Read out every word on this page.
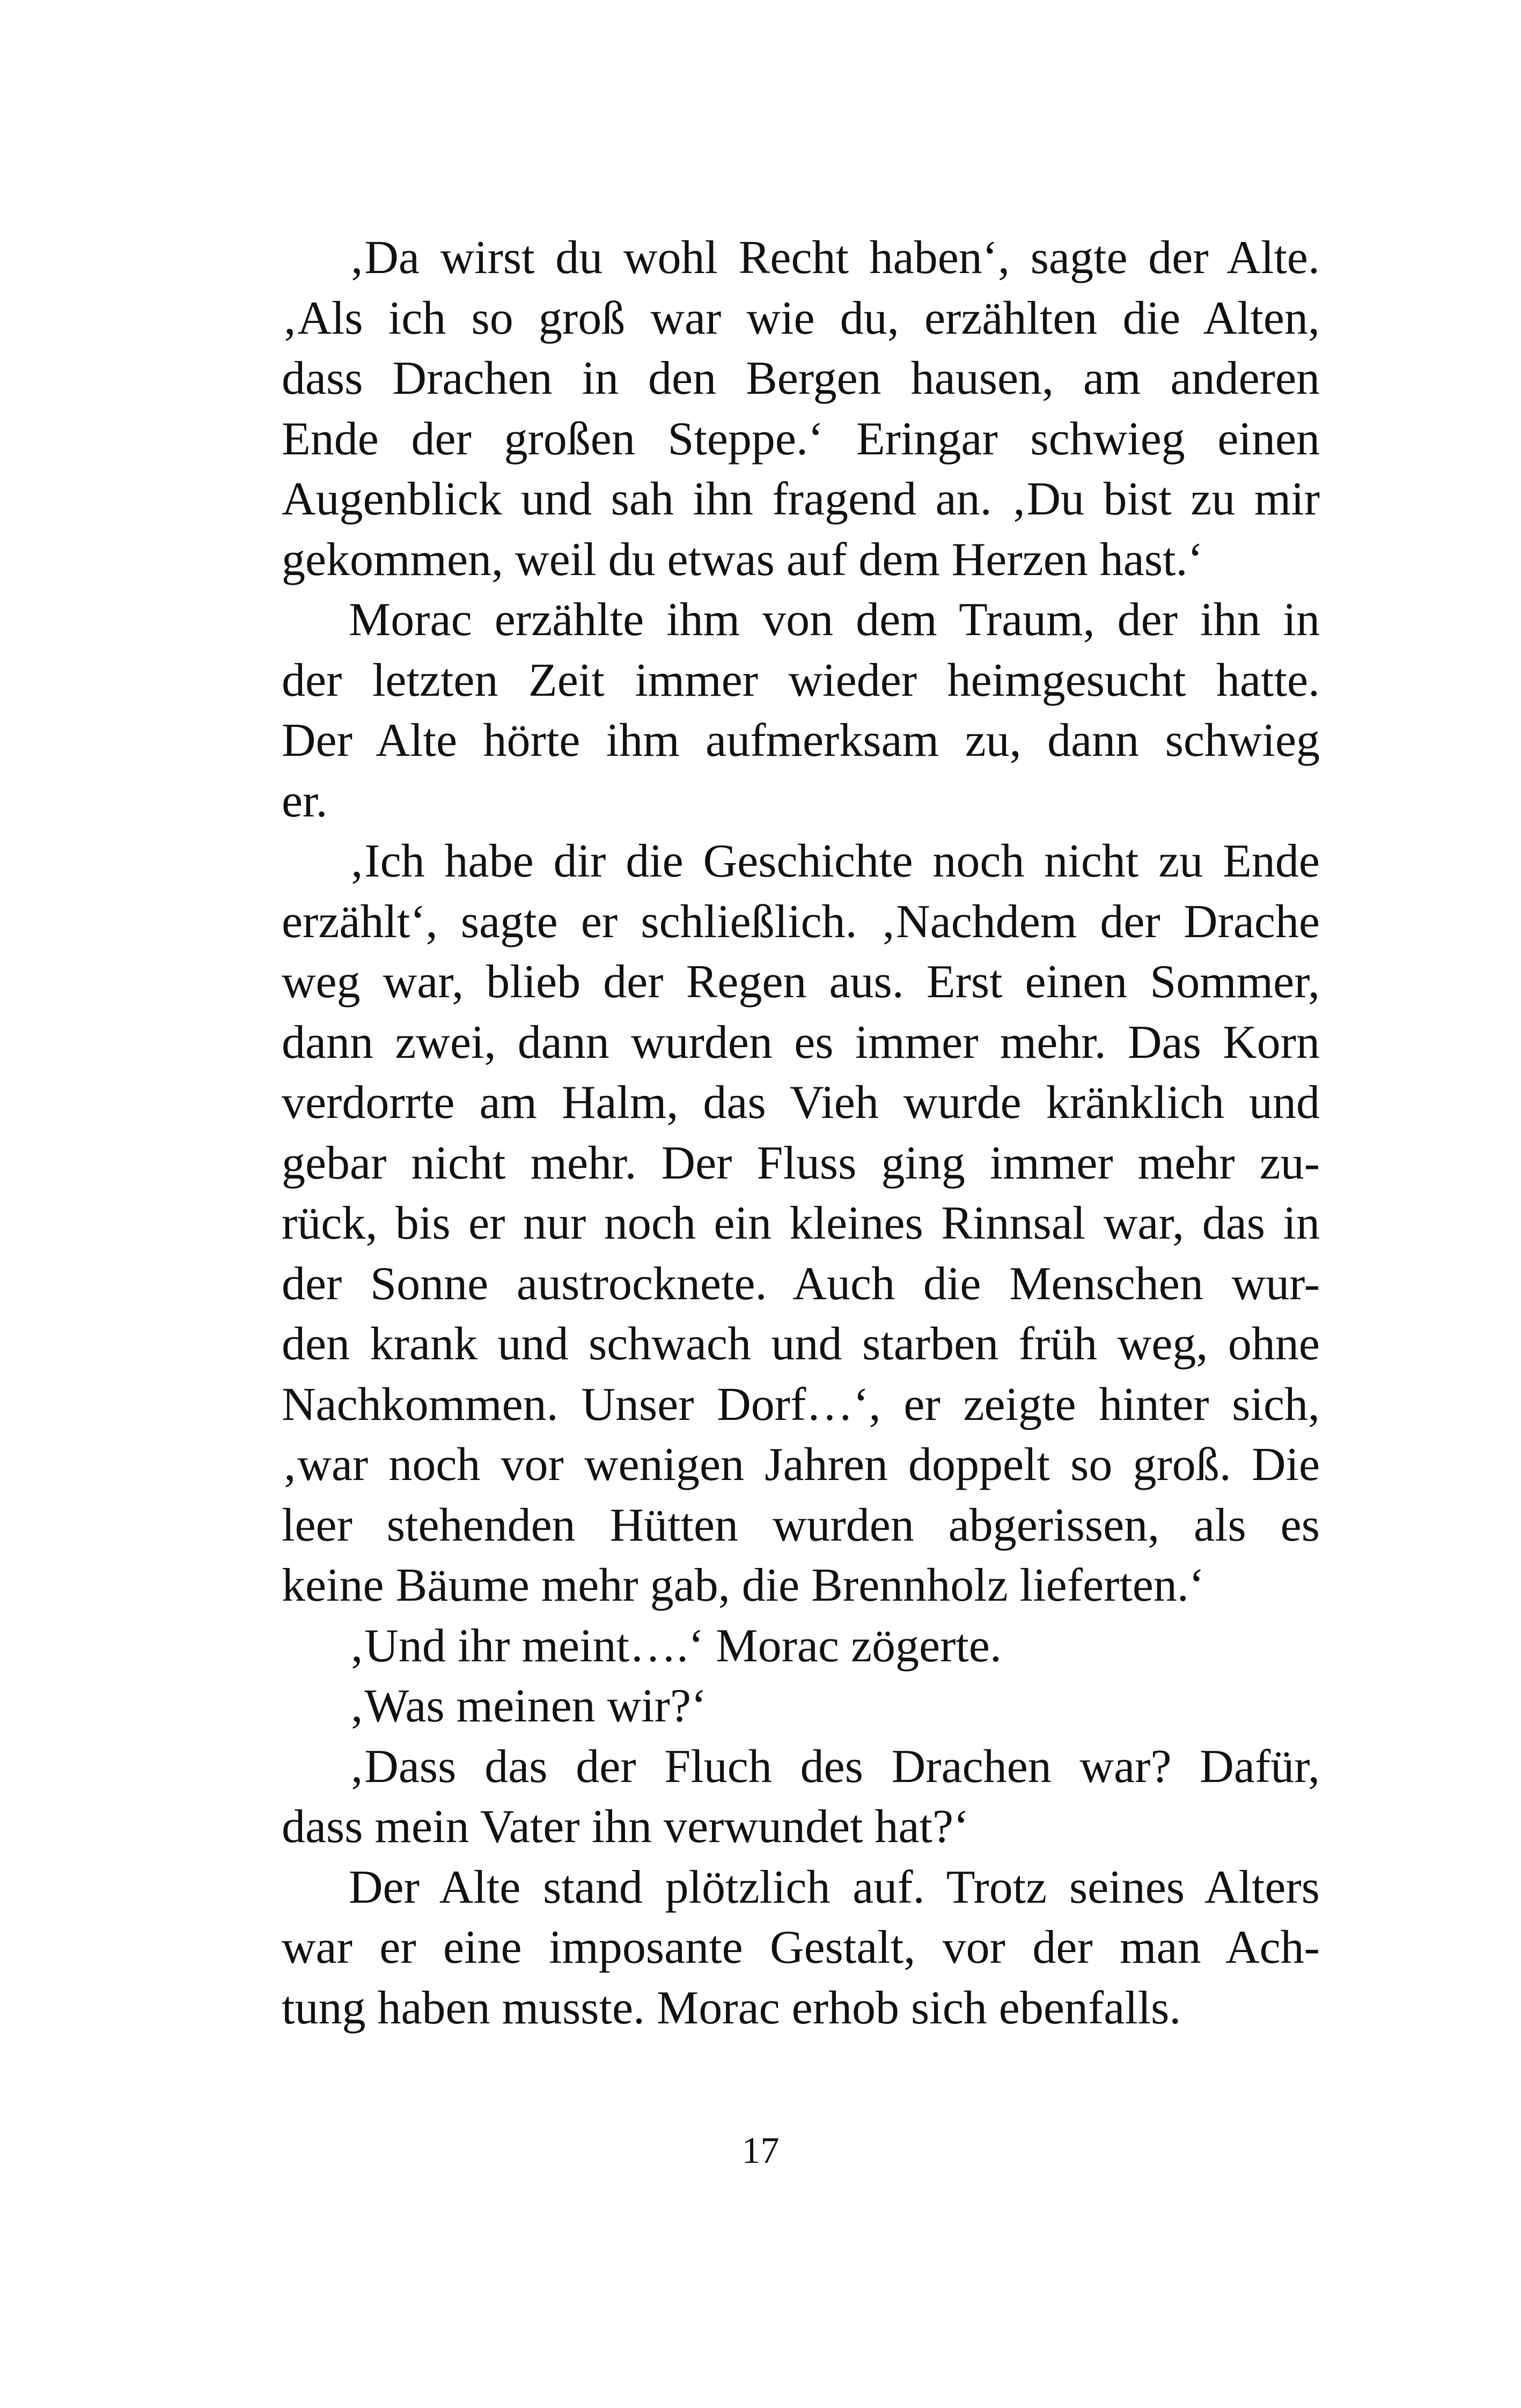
‚Da wirst du wohl Recht haben‘, sagte der Alte.
‚Als ich so groß war wie du, erzählten die Alten,
dass Drachen in den Bergen hausen, am anderen
Ende der großen Steppe.‘ Eringar schwieg einen
Augenblick und sah ihn fragend an. ‚Du bist zu mir
gekommen, weil du etwas auf dem Herzen hast.‘
Morac erzählte ihm von dem Traum, der ihn in
der letzten Zeit immer wieder heimgesucht hatte.
Der Alte hörte ihm aufmerksam zu, dann schwieg
er.
‚Ich habe dir die Geschichte noch nicht zu Ende
erzählt‘, sagte er schließlich. ‚Nachdem der Drache
weg war, blieb der Regen aus. Erst einen Sommer,
dann zwei, dann wurden es immer mehr. Das Korn
verdorrte am Halm, das Vieh wurde kränklich und
gebar nicht mehr. Der Fluss ging immer mehr zu-
rück, bis er nur noch ein kleines Rinnsal war, das in
der Sonne austrocknete. Auch die Menschen wur-
den krank und schwach und starben früh weg, ohne
Nachkommen. Unser Dorf…‘, er zeigte hinter sich,
‚war noch vor wenigen Jahren doppelt so groß. Die
leer stehenden Hütten wurden abgerissen, als es
keine Bäume mehr gab, die Brennholz lieferten.‘
‚Und ihr meint….‘ Morac zögerte.
‚Was meinen wir?‘
‚Dass das der Fluch des Drachen war? Dafür,
dass mein Vater ihn verwundet hat?‘
Der Alte stand plötzlich auf. Trotz seines Alters
war er eine imposante Gestalt, vor der man Ach-
tung haben musste. Morac erhob sich ebenfalls.
17
